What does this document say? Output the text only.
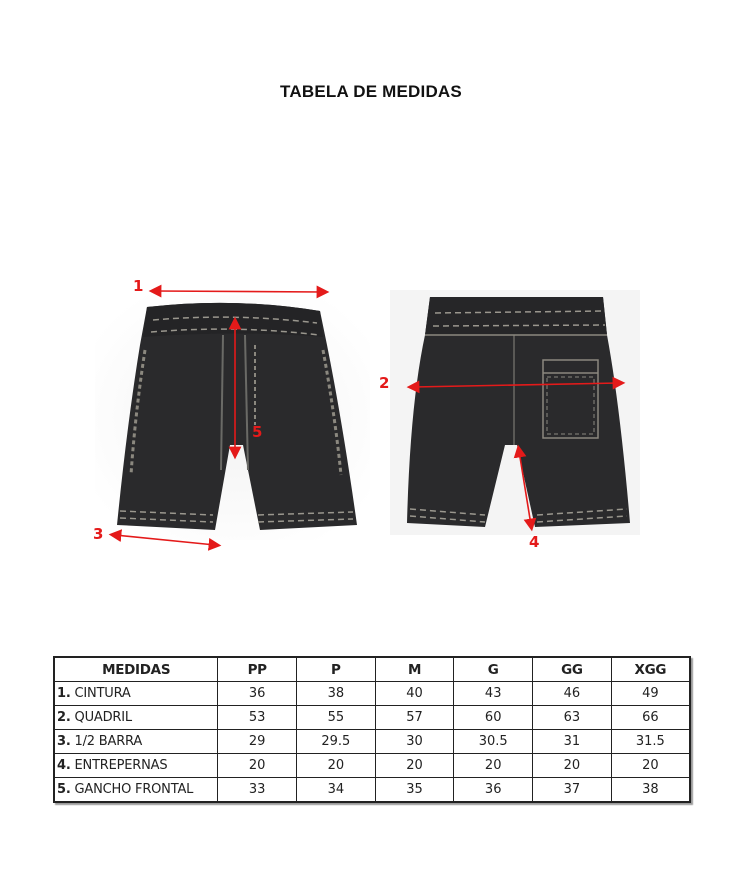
TABELA DE MEDIDAS
1
5
3
2
4
MEDIDAS	PP	P	M	G	GG	XGG
1. CINTURA	36	38	40	43	46	49
2. QUADRIL	53	55	57	60	63	66
3. 1/2 BARRA	29	29.5	30	30.5	31	31.5
4. ENTREPERNAS	20	20	20	20	20	20
5. GANCHO FRONTAL	33	34	35	36	37	38
